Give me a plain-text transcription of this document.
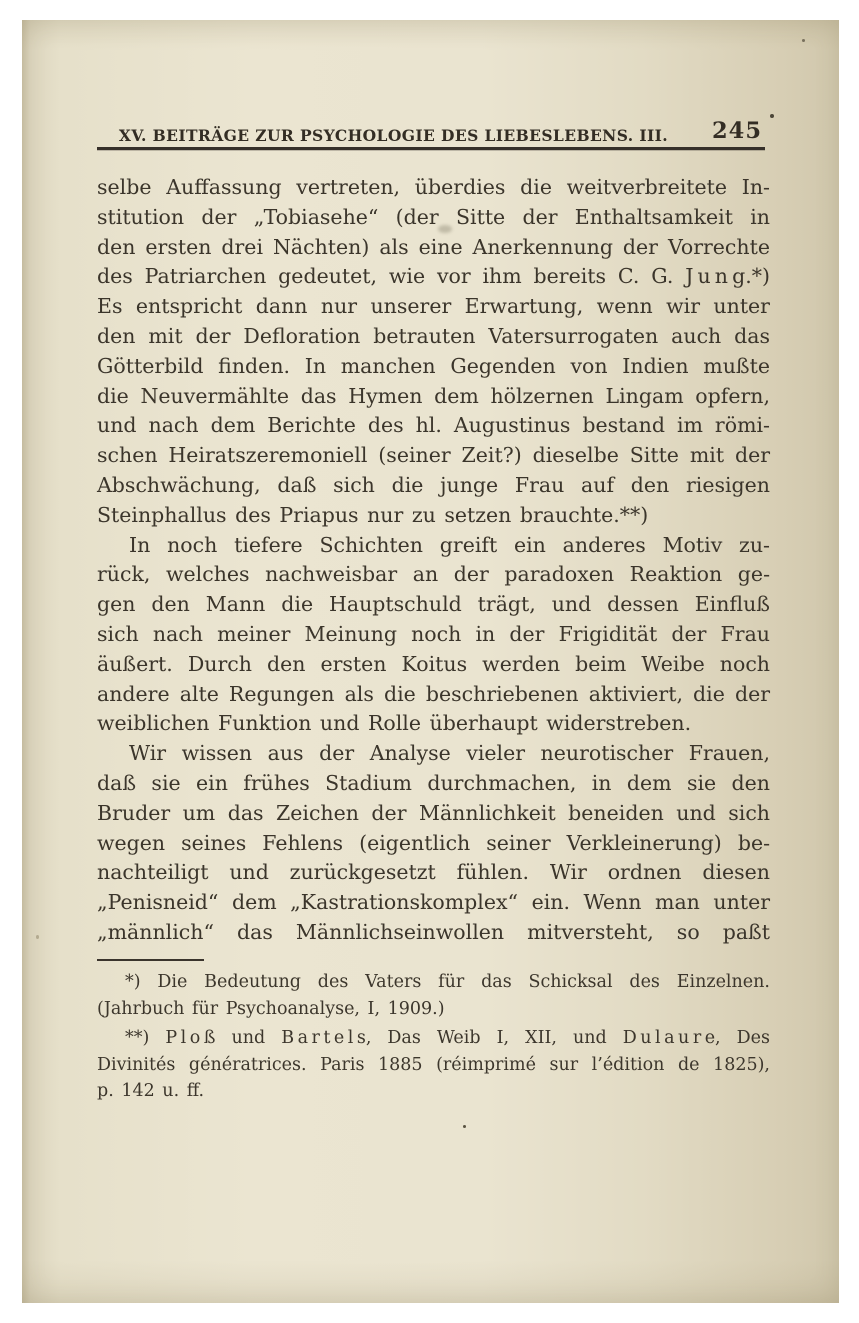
XV. BEITRÄGE ZUR PSYCHOLOGIE DES LIEBESLEBENS. III.	245
selbe Auffassung vertreten, überdies die weitverbreitete In-
stitution der „Tobiasehe“ (der Sitte der Enthaltsamkeit in
den ersten drei Nächten) als eine Anerkennung der Vorrechte
des Patriarchen gedeutet, wie vor ihm bereits C. G. J u n g.*)
Es entspricht dann nur unserer Erwartung, wenn wir unter
den mit der Defloration betrauten Vatersurrogaten auch das
Götterbild finden. In manchen Gegenden von Indien mußte
die Neuvermählte das Hymen dem hölzernen Lingam opfern,
und nach dem Berichte des hl. Augustinus bestand im römi-
schen Heiratszeremoniell (seiner Zeit?) dieselbe Sitte mit der
Abschwächung, daß sich die junge Frau auf den riesigen
Steinphallus des Priapus nur zu setzen brauchte.**)
In noch tiefere Schichten greift ein anderes Motiv zu-
rück, welches nachweisbar an der paradoxen Reaktion ge-
gen den Mann die Hauptschuld trägt, und dessen Einfluß
sich nach meiner Meinung noch in der Frigidität der Frau
äußert. Durch den ersten Koitus werden beim Weibe noch
andere alte Regungen als die beschriebenen aktiviert, die der
weiblichen Funktion und Rolle überhaupt widerstreben.
Wir wissen aus der Analyse vieler neurotischer Frauen,
daß sie ein frühes Stadium durchmachen, in dem sie den
Bruder um das Zeichen der Männlichkeit beneiden und sich
wegen seines Fehlens (eigentlich seiner Verkleinerung) be-
nachteiligt und zurückgesetzt fühlen. Wir ordnen diesen
„Penisneid“ dem „Kastrationskomplex“ ein. Wenn man unter
„männlich“ das Männlichseinwollen mitversteht, so paßt
*) Die Bedeutung des Vaters für das Schicksal des Einzelnen.
(Jahrbuch für Psychoanalyse, I, 1909.)
**) P l o ß und B a r t e l s, Das Weib I, XII, und D u l a u r e, Des
Divinités génératrices. Paris 1885 (réimprimé sur l’édition de 1825),
p. 142 u. ff.
